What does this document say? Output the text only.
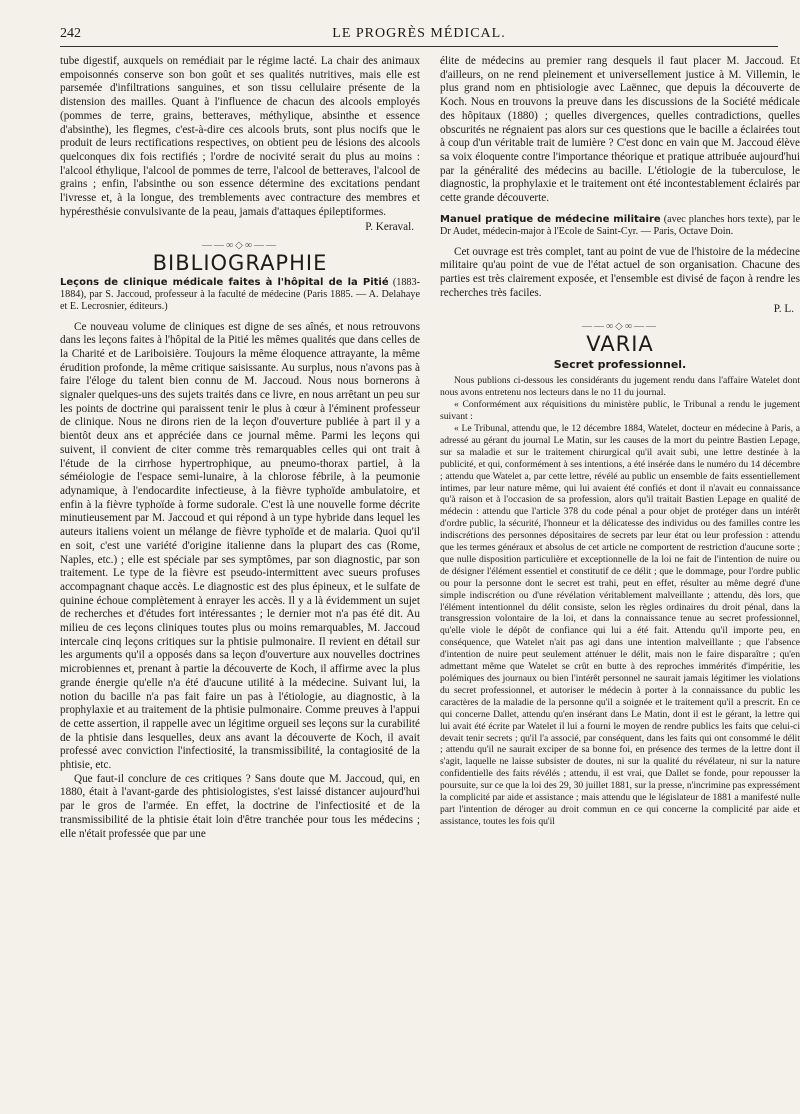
242	LE PROGRÈS MÉDICAL.

tube digestif, auxquels on remédiait par le régime lacté. La chair des animaux empoisonnés conserve son bon goût et ses qualités nutritives, mais elle est parsemée d'infiltrations sanguines, et son tissu cellulaire présente de la distension des mailles. Quant à l'influence de chacun des alcools employés (pommes de terre, grains, betteraves, méthylique, absinthe et essence d'absinthe), les flegmes, c'est-à-dire ces alcools bruts, sont plus nocifs que le produit de leurs rectifications respectives, on obtient peu de lésions des alcools quelconques dix fois rectifiés ; l'ordre de nocivité serait du plus au moins : l'alcool éthylique, l'alcool de pommes de terre, l'alcool de betteraves, l'alcool de grains ; enfin, l'absinthe ou son essence détermine des excitations pendant l'ivresse et, à la longue, des tremblements avec contracture des membres et hypéresthésie convulsivante de la peau, jamais d'attaques épileptiformes.

P. Keraval.
——∞◇∞——
BIBLIOGRAPHIE

Leçons de clinique médicale faites à l'hôpital de la Pitié (1883-1884), par S. Jaccoud, professeur à la faculté de médecine (Paris 1885. — A. Delahaye et E. Lecrosnier, éditeurs.)

Ce nouveau volume de cliniques est digne de ses aînés, et nous retrouvons dans les leçons faites à l'hôpital de la Pitié les mêmes qualités que dans celles de la Charité et de Lariboisière. Toujours la même éloquence attrayante, la même érudition profonde, la même critique saisissante. Au surplus, nous n'avons pas à faire l'éloge du talent bien connu de M. Jaccoud. Nous nous bornerons à signaler quelques-uns des sujets traités dans ce livre, en nous arrêtant un peu sur les points de doctrine qui paraissent tenir le plus à cœur à l'éminent professeur de clinique. Nous ne dirons rien de la leçon d'ouverture publiée à part il y a bientôt deux ans et appréciée dans ce journal même. Parmi les leçons qui suivent, il convient de citer comme très remarquables celles qui ont trait à l'étude de la cirrhose hypertrophique, au pneumo-thorax partiel, à la séméiologie de l'espace semi-lunaire, à la chlorose fébrile, à la peumonie adynamique, à l'endocardite infectieuse, à la fièvre typhoïde ambulatoire, et enfin à la fièvre typhoïde à forme sudorale. C'est là une nouvelle forme décrite minutieusement par M. Jaccoud et qui répond à un type hybride dans lequel les auteurs italiens voient un mélange de fièvre typhoïde et de malaria. Quoi qu'il en soit, c'est une variété d'origine italienne dans la plupart des cas (Rome, Naples, etc.) ; elle est spéciale par ses symptômes, par son diagnostic, par son traitement. Le type de la fièvre est pseudo-intermittent avec sueurs profuses accompagnant chaque accès. Le diagnostic est des plus épineux, et le sulfate de quinine échoue complètement à enrayer les accès. Il y a là évidemment un sujet de recherches et d'études fort intéressantes ; le dernier mot n'a pas été dit. Au milieu de ces leçons cliniques toutes plus ou moins remarquables, M. Jaccoud intercale cinq leçons critiques sur la phtisie pulmonaire. Il revient en détail sur les arguments qu'il a opposés dans sa leçon d'ouverture aux nouvelles doctrines microbiennes et, prenant à partie la découverte de Koch, il affirme avec la plus grande énergie qu'elle n'a été d'aucune utilité à la médecine. Suivant lui, la notion du bacille n'a pas fait faire un pas à l'étiologie, au diagnostic, à la prophylaxie et au traitement de la phtisie pulmonaire. Comme preuves à l'appui de cette assertion, il rappelle avec un légitime orgueil ses leçons sur la curabilité de la phtisie dans lesquelles, deux ans avant la découverte de Koch, il avait professé avec conviction l'infectiosité, la transmissibilité, la contagiosité de la phtisie, etc.

Que faut-il conclure de ces critiques ? Sans doute que M. Jaccoud, qui, en 1880, était à l'avant-garde des phtisiologistes, s'est laissé distancer aujourd'hui par le gros de l'armée. En effet, la doctrine de l'infectiosité et de la transmissibilité de la phtisie était loin d'être tranchée pour tous les médecins ; elle n'était professée que par une

élite de médecins au premier rang desquels il faut placer M. Jaccoud. Et d'ailleurs, on ne rend pleinement et universellement justice à M. Villemin, le plus grand nom en phtisiologie avec Laënnec, que depuis la découverte de Koch. Nous en trouvons la preuve dans les discussions de la Société médicale des hôpitaux (1880) ; quelles divergences, quelles contradictions, quelles obscurités ne régnaient pas alors sur ces questions que le bacille a éclairées tout à coup d'un véritable trait de lumière ? C'est donc en vain que M. Jaccoud élève sa voix éloquente contre l'importance théorique et pratique attribuée aujourd'hui par la généralité des médecins au bacille. L'étiologie de la tuberculose, le diagnostic, la prophylaxie et le traitement ont été incontestablement éclairés par cette grande découverte.

Manuel pratique de médecine militaire (avec planches hors texte), par le Dr Audet, médecin-major à l'Ecole de Saint-Cyr. — Paris, Octave Doin.

Cet ouvrage est très complet, tant au point de vue de l'histoire de la médecine militaire qu'au point de vue de l'état actuel de son organisation. Chacune des parties est très clairement exposée, et l'ensemble est divisé de façon à rendre les recherches très faciles.

P. L.
——∞◇∞——
VARIA
Secret professionnel.

Nous publions ci-dessous les considérants du jugement rendu dans l'affaire Watelet dont nous avons entretenu nos lecteurs dans le no 11 du journal.

« Conformément aux réquisitions du ministère public, le Tribunal a rendu le jugement suivant :

« Le Tribunal, attendu que, le 12 décembre 1884, Watelet, docteur en médecine à Paris, a adressé au gérant du journal Le Matin, sur les causes de la mort du peintre Bastien Lepage, sur sa maladie et sur le traitement chirurgical qu'il avait subi, une lettre destinée à la publicité, et qui, conformément à ses intentions, a été insérée dans le numéro du 14 décembre ; attendu que Watelet a, par cette lettre, révélé au public un ensemble de faits essentiellement intimes, par leur nature même, qui lui avaient été confiés et dont il n'avait eu connaissance qu'à raison et à l'occasion de sa profession, alors qu'il traitait Bastien Lepage en qualité de médecin : attendu que l'article 378 du code pénal a pour objet de protéger dans un intérêt d'ordre public, la sécurité, l'honneur et la délicatesse des individus ou des familles contre les indiscrétions des personnes dépositaires de secrets par leur état ou leur profession : attendu que les termes généraux et absolus de cet article ne comportent de restriction d'aucune sorte ; que nulle disposition particulière et exceptionnelle de la loi ne fait de l'intention de nuire ou de désigner l'élément essentiel et constitutif de ce délit ; que le dommage, pour l'ordre public ou pour la personne dont le secret est trahi, peut en effet, résulter au même degré d'une simple indiscrétion ou d'une révélation véritablement malveillante ; attendu, dès lors, que l'élément intentionnel du délit consiste, selon les règles ordinaires du droit pénal, dans la transgression volontaire de la loi, et dans la connaissance tenue au secret professionnel, qu'elle viole le dépôt de confiance qui lui a été fait. Attendu qu'il importe peu, en conséquence, que Watelet n'ait pas agi dans une intention malveillante ; que l'absence d'intention de nuire peut seulement atténuer le délit, mais non le faire disparaître ; qu'en admettant même que Watelet se crût en butte à des reproches immérités d'impéritie, les polémiques des journaux ou bien l'intérêt personnel ne saurait jamais légitimer les violations du secret professionnel, et autoriser le médecin à porter à la connaissance du public les caractères de la maladie de la personne qu'il a soignée et le traitement qu'il a prescrit. En ce qui concerne Dallet, attendu qu'en insérant dans Le Matin, dont il est le gérant, la lettre qui lui avait été écrite par Watelet il lui a fourni le moyen de rendre publics les faits que celui-ci devait tenir secrets ; qu'il l'a associé, par conséquent, dans les faits qui ont consommé le délit ; attendu qu'il ne saurait exciper de sa bonne foi, en présence des termes de la lettre dont il s'agit, laquelle ne laisse subsister de doutes, ni sur la qualité du révélateur, ni sur la nature confidentielle des faits révélés ; attendu, il est vrai, que Dallet se fonde, pour repousser la poursuite, sur ce que la loi des 29, 30 juillet 1881, sur la presse, n'incrimine pas expressément la complicité par aide et assistance ; mais attendu que le législateur de 1881 a manifesté nulle part l'intention de déroger au droit commun en ce qui concerne la complicité par aide et assistance, toutes les fois qu'il
